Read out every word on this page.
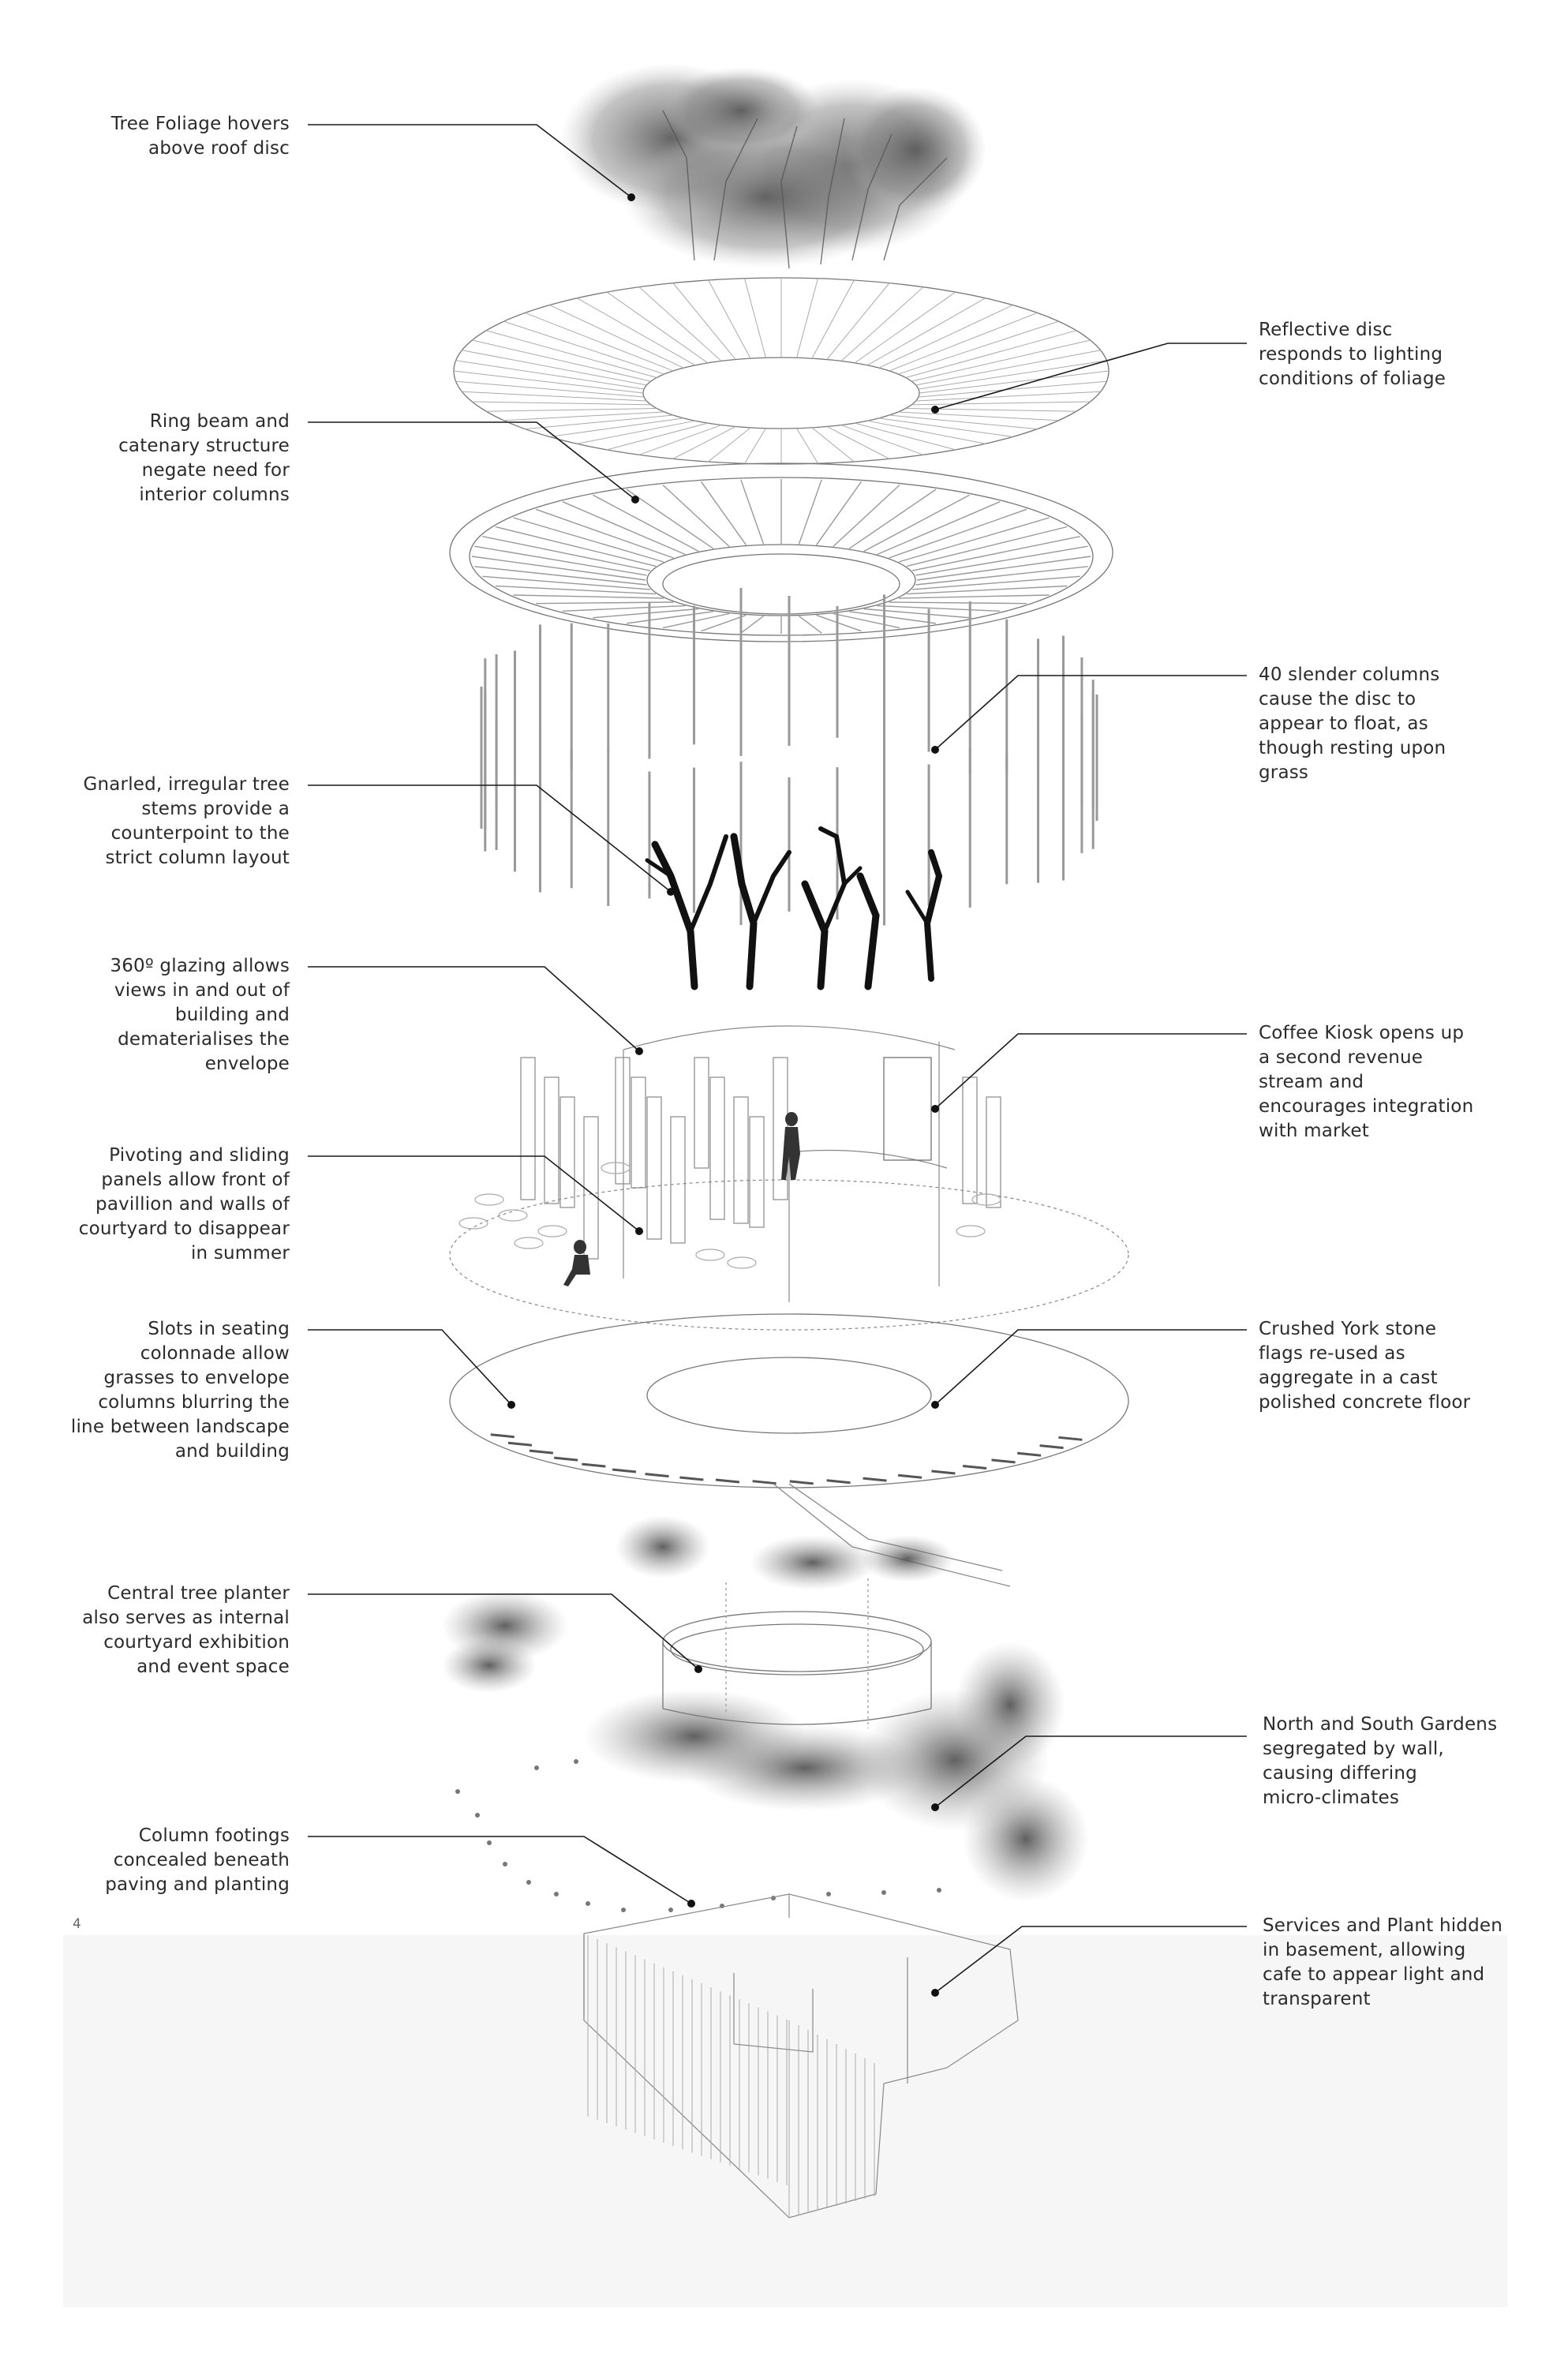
Tree Foliage hovers
above roof disc
Reflective disc
responds to lighting
conditions of foliage
Ring beam and
catenary structure
negate need for
interior columns
40 slender columns
cause the disc to
appear to float, as
though resting upon
grass
Gnarled, irregular tree
stems provide a
counterpoint to the
strict column layout
360º glazing allows
views in and out of
building and
dematerialises the
envelope
Coffee Kiosk opens up
a second revenue
stream and
encourages integration
with market
Pivoting and sliding
panels allow front of
pavillion and walls of
courtyard to disappear
in summer
Slots in seating
colonnade allow
grasses to envelope
columns blurring the
line between landscape
and building
Crushed York stone
flags re-used as
aggregate in a cast
polished concrete floor
Central tree planter
also serves as internal
courtyard exhibition
and event space
North and South Gardens
segregated by wall,
causing differing
micro-climates
Column footings
concealed beneath
paving and planting
Services and Plant hidden
in basement, allowing
cafe to appear light and
transparent
4
